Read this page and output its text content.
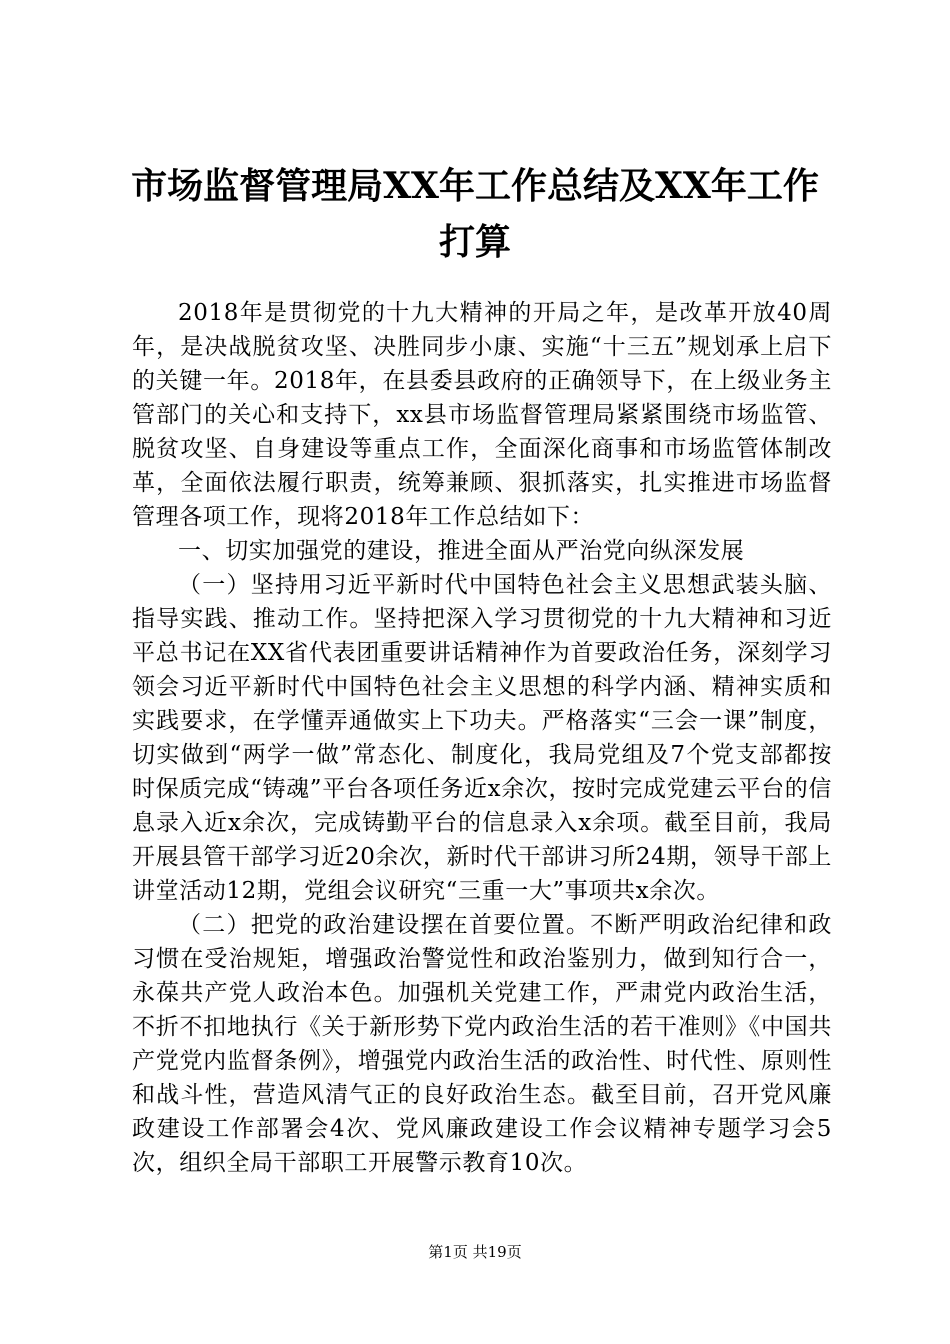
市场监督管理局XX年工作总结及XX年工作打算

2018年是贯彻党的十九大精神的开局之年，是改革开放40周年，是决战脱贫攻坚、决胜同步小康、实施“十三五”规划承上启下的关键一年。2018年，在县委县政府的正确领导下，在上级业务主管部门的关心和支持下，xx县市场监督管理局紧紧围绕市场监管、脱贫攻坚、自身建设等重点工作，全面深化商事和市场监管体制改革，全面依法履行职责，统筹兼顾、狠抓落实，扎实推进市场监督管理各项工作，现将2018年工作总结如下：

一、切实加强党的建设，推进全面从严治党向纵深发展

（一）坚持用习近平新时代中国特色社会主义思想武装头脑、指导实践、推动工作。坚持把深入学习贯彻党的十九大精神和习近平总书记在XX省代表团重要讲话精神作为首要政治任务，深刻学习领会习近平新时代中国特色社会主义思想的科学内涵、精神实质和实践要求，在学懂弄通做实上下功夫。严格落实“三会一课”制度，切实做到“两学一做”常态化、制度化，我局党组及7个党支部都按时保质完成“铸魂”平台各项任务近x余次，按时完成党建云平台的信息录入近x余次，完成铸勤平台的信息录入x余项。截至目前，我局开展县管干部学习近20余次，新时代干部讲习所24期，领导干部上讲堂活动12期，党组会议研究“三重一大”事项共x余次。

（二）把党的政治建设摆在首要位置。不断严明政治纪律和政习惯在受治规矩，增强政治警觉性和政治鉴别力，做到知行合一，永葆共产党人政治本色。加强机关党建工作，严肃党内政治生活，不折不扣地执行《关于新形势下党内政治生活的若干准则》《中国共产党党内监督条例》，增强党内政治生活的政治性、时代性、原则性和战斗性，营造风清气正的良好政治生态。截至目前，召开党风廉政建设工作部署会4次、党风廉政建设工作会议精神专题学习会5次，组织全局干部职工开展警示教育10次。

第1页 共19页
